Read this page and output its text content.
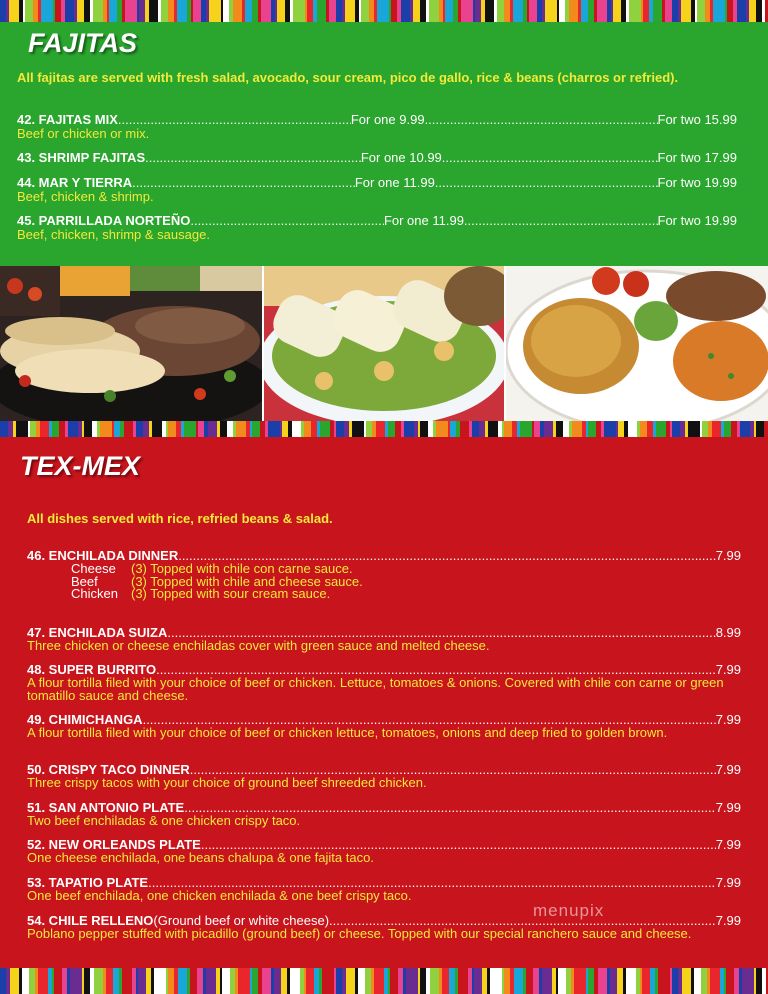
FAJITAS

All fajitas are served with fresh salad, avocado, sour cream, pico de gallo, rice & beans (charros or refried).

42. FAJITAS MIX .....	For one 9.99 .....	For two 15.99
Beef or chicken or mix.
43. SHRIMP FAJITAS .....	For one 10.99 .....	For two 17.99
44. MAR Y TIERRA .....	For one 11.99 .....	For two 19.99
Beef, chicken & shrimp.
45. PARRILLADA NORTEÑO .....	For one 11.99 .....	For two 19.99
Beef, chicken, shrimp & sausage.
TEX-MEX

All dishes served with rice, refried beans & salad.

46. ENCHILADA DINNER .....	7.99
Cheese (3) Topped with chile con carne sauce.
Beef	(3) Topped with chile and cheese sauce.
Chicken (3) Topped with sour cream sauce.
47. ENCHILADA SUIZA .....	8.99
Three chicken or cheese enchiladas cover with green sauce and melted cheese.
48. SUPER BURRITO .....	7.99
A flour tortilla filed with your choice of beef or chicken. Lettuce, tomatoes & onions. Covered with chile con carne or green tomatillo sauce and cheese.
49. CHIMICHANGA .....	7.99
A flour tortilla filed with your choice of beef or chicken lettuce, tomatoes, onions and deep fried to golden brown.
50. CRISPY TACO DINNER .....	7.99
Three crispy tacos with your choice of ground beef shreeded chicken.
51. SAN ANTONIO PLATE .....	7.99
Two beef enchiladas & one chicken crispy taco.
52. NEW ORLEANDS PLATE .....	7.99
One cheese enchilada, one beans chalupa & one fajita taco.
53. TAPATIO PLATE .....	7.99
One beef enchilada, one chicken enchilada & one beef crispy taco.
54. CHILE RELLENO (Ground beef or white cheese) .....	7.99
Poblano pepper stuffed with picadillo (ground beef) or cheese. Topped with our special ranchero sauce and cheese.
menupix
